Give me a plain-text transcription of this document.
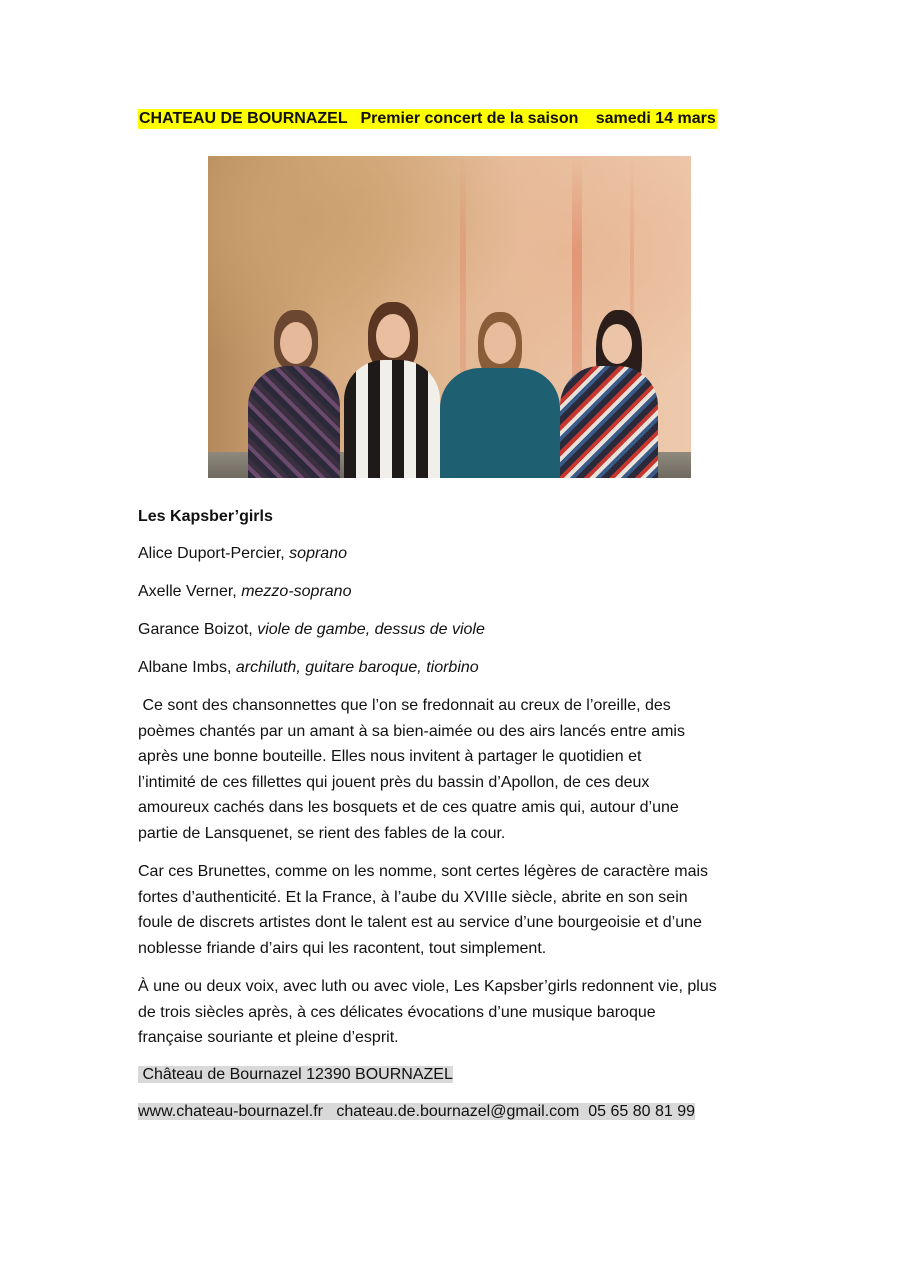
CHATEAU DE BOURNAZEL Premier concert de la saison samedi 14 mars
Les Kapsber’girls
Alice Duport-Percier, soprano
Axelle Verner, mezzo-soprano
Garance Boizot, viole de gambe, dessus de viole
Albane Imbs, archiluth, guitare baroque, tiorbino
Ce sont des chansonnettes que l’on se fredonnait au creux de l’oreille, des
poèmes chantés par un amant à sa bien-aimée ou des airs lancés entre amis
après une bonne bouteille. Elles nous invitent à partager le quotidien et
l’intimité de ces fillettes qui jouent près du bassin d’Apollon, de ces deux
amoureux cachés dans les bosquets et de ces quatre amis qui, autour d’une
partie de Lansquenet, se rient des fables de la cour.
Car ces Brunettes, comme on les nomme, sont certes légères de caractère mais
fortes d’authenticité. Et la France, à l’aube du XVIIIe siècle, abrite en son sein
foule de discrets artistes dont le talent est au service d’une bourgeoisie et d’une
noblesse friande d’airs qui les racontent, tout simplement.
À une ou deux voix, avec luth ou avec viole, Les Kapsber’girls redonnent vie, plus
de trois siècles après, à ces délicates évocations d’une musique baroque
française souriante et pleine d’esprit.
Château de Bournazel 12390 BOURNAZEL
www.chateau-bournazel.fr chateau.de.bournazel@gmail.com 05 65 80 81 99
